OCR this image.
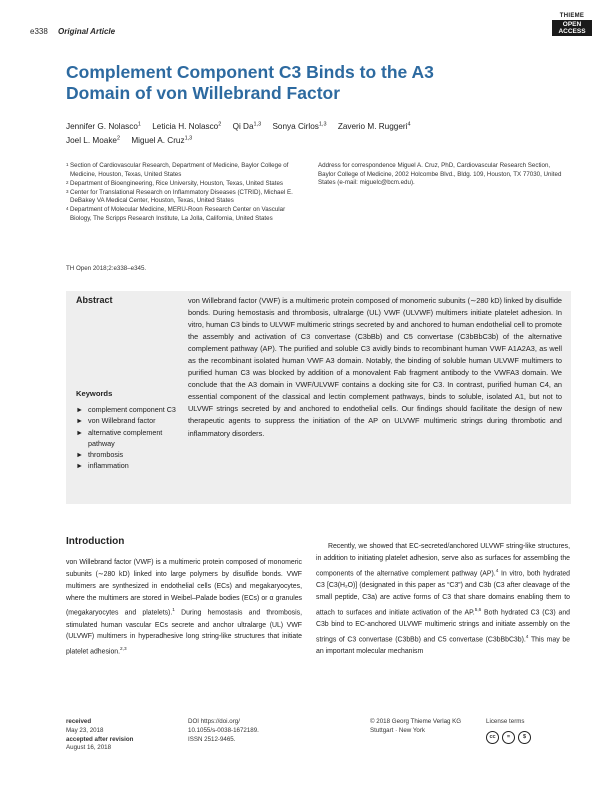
e338 Original Article
THIEME
OPEN
ACCESS
Complement Component C3 Binds to the A3
Domain of von Willebrand Factor
Jennifer G. Nolasco$^1$ Leticia H. Nolasco$^2$ Qi Da$^{1,3}$ Sonya Cirlos$^{1,3}$ Zaverio M. Ruggeri$^4$
Joel L. Moake$^2$ Miguel A. Cruz$^{1,3}$
1 Section of Cardiovascular Research, Department of Medicine, Baylor College of Medicine, Houston, Texas, United States
2 Department of Bioengineering, Rice University, Houston, Texas, United States
3 Center for Translational Research on Inflammatory Diseases (CTRID), Michael E. DeBakey VA Medical Center, Houston, Texas, United States
4 Department of Molecular Medicine, MERU-Roon Research Center on Vascular Biology, The Scripps Research Institute, La Jolla, California, United States
Address for correspondence Miguel A. Cruz, PhD, Cardiovascular Research Section, Baylor College of Medicine, 2002 Holcombe Blvd., Bldg. 109, Houston, TX 77030, United States (e-mail: miguelc@bcm.edu).
TH Open 2018;2:e338–e345.
Abstract	von Willebrand factor (VWF) is a multimeric protein composed of monomeric subunits (∼280 kD) linked by disulfide bonds. During hemostasis and thrombosis, ultralarge (UL) VWF (ULVWF) multimers initiate platelet adhesion. In vitro, human C3 binds to ULVWF multimeric strings secreted by and anchored to human endothelial cell to promote the assembly and activation of C3 convertase (C3bBb) and C5 convertase (C3bBbC3b) of the alternative complement pathway (AP). The purified and soluble C3 avidly binds to recombinant human VWF A1A2A3, as well as the recombinant isolated human VWF A3 domain. Notably, the binding of soluble human ULVWF multimers to purified human C3 was blocked by addition of a monovalent Fab fragment antibody to the VWFA3 domain. We conclude that the A3 domain in VWF/ULVWF contains a docking site for C3. In contrast, purified human C4, an essential component of the classical and lectin complement pathways, binds to soluble, isolated A1, but not to ULVWF strings secreted by and anchored to endothelial cells. Our findings should facilitate the design of new therapeutic agents to suppress the initiation of the AP on ULVWF multimeric strings during thrombotic and inflammatory disorders.
Keywords
► complement component C3
► von Willebrand factor
► alternative complement pathway
► thrombosis
► inflammation
Introduction
von Willebrand factor (VWF) is a multimeric protein composed of monomeric subunits (∼280 kD) linked into large polymers by disulfide bonds. VWF multimers are synthesized in endothelial cells (ECs) and megakaryocytes, where the multimers are stored in Weibel–Palade bodies (ECs) or α granules (megakaryocytes and platelets).$^1$ During hemostasis and thrombosis, stimulated human vascular ECs secrete and anchor ultralarge (UL) VWF (ULVWF) multimers in hyperadhesive long string-like structures that initiate platelet adhesion.$^{2,3}$
Recently, we showed that EC-secreted/anchored ULVWF string-like structures, in addition to initiating platelet adhesion, serve also as surfaces for assembling the components of the alternative complement pathway (AP).$^4$ In vitro, both hydrated C3 [C3(H₂O)] (designated in this paper as “C3”) and C3b (C3 after cleavage of the small peptide, C3a) are active forms of C3 that share domains enabling them to attach to surfaces and initiate activation of the AP.$^{5,6}$ Both hydrated C3 (C3) and C3b bind to EC-anchored ULVWF multimeric strings and initiate assembly on the strings of C3 convertase (C3bBb) and C5 convertase (C3bBbC3b).$^4$ This may be an important molecular mechanism
received
May 23, 2018
accepted after revision
August 16, 2018
DOI https://doi.org/
10.1055/s-0038-1672189.
ISSN 2512-9465.
© 2018 Georg Thieme Verlag KG
Stuttgart · New York
License terms
cc	=	$
